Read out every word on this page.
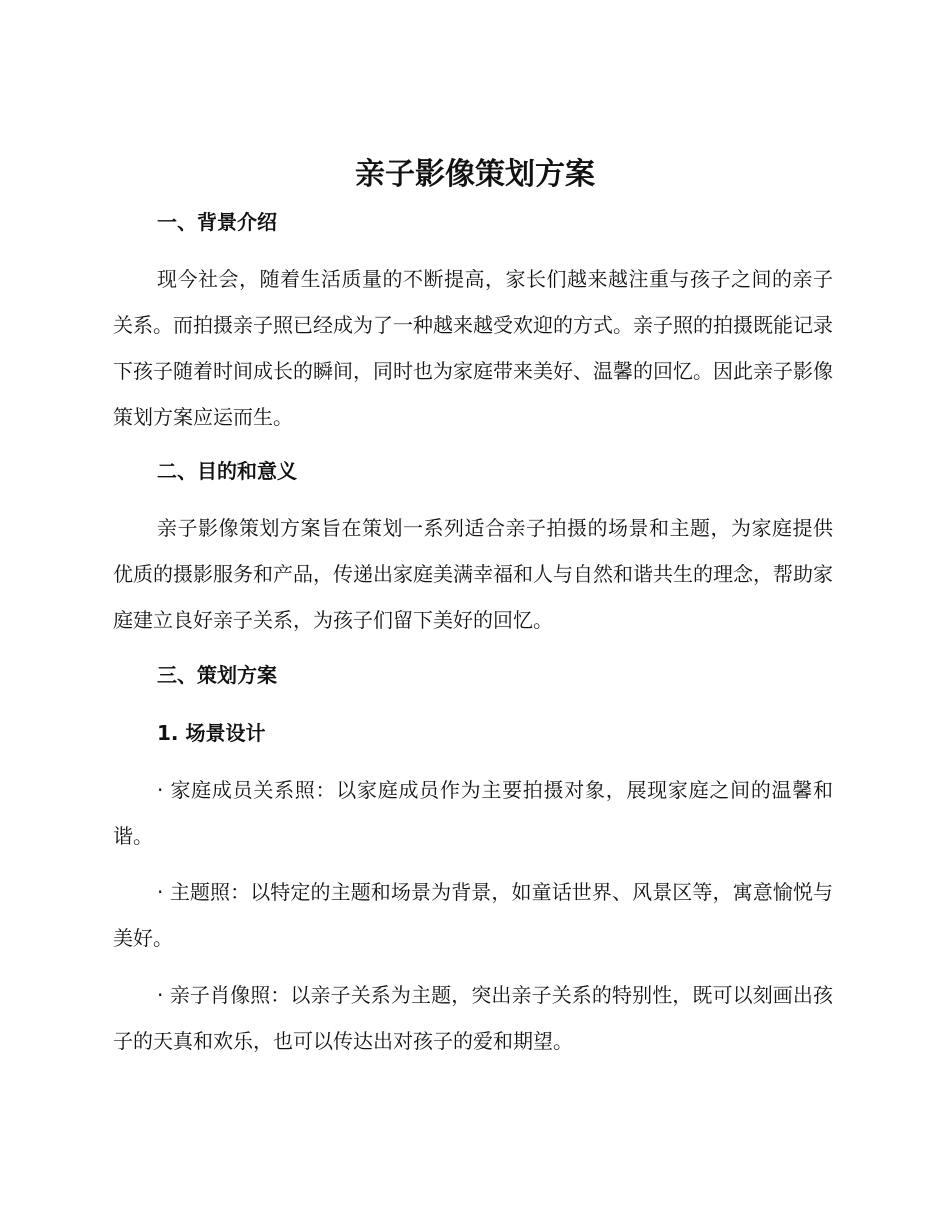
亲子影像策划方案
一、背景介绍
现今社会，随着生活质量的不断提高，家长们越来越注重与孩子之间的亲子关系。而拍摄亲子照已经成为了一种越来越受欢迎的方式。亲子照的拍摄既能记录下孩子随着时间成长的瞬间，同时也为家庭带来美好、温馨的回忆。因此亲子影像策划方案应运而生。
二、目的和意义
亲子影像策划方案旨在策划一系列适合亲子拍摄的场景和主题，为家庭提供优质的摄影服务和产品，传递出家庭美满幸福和人与自然和谐共生的理念，帮助家庭建立良好亲子关系，为孩子们留下美好的回忆。
三、策划方案
1. 场景设计
· 家庭成员关系照：以家庭成员作为主要拍摄对象，展现家庭之间的温馨和谐。
· 主题照：以特定的主题和场景为背景，如童话世界、风景区等，寓意愉悦与美好。
· 亲子肖像照：以亲子关系为主题，突出亲子关系的特别性，既可以刻画出孩子的天真和欢乐，也可以传达出对孩子的爱和期望。
